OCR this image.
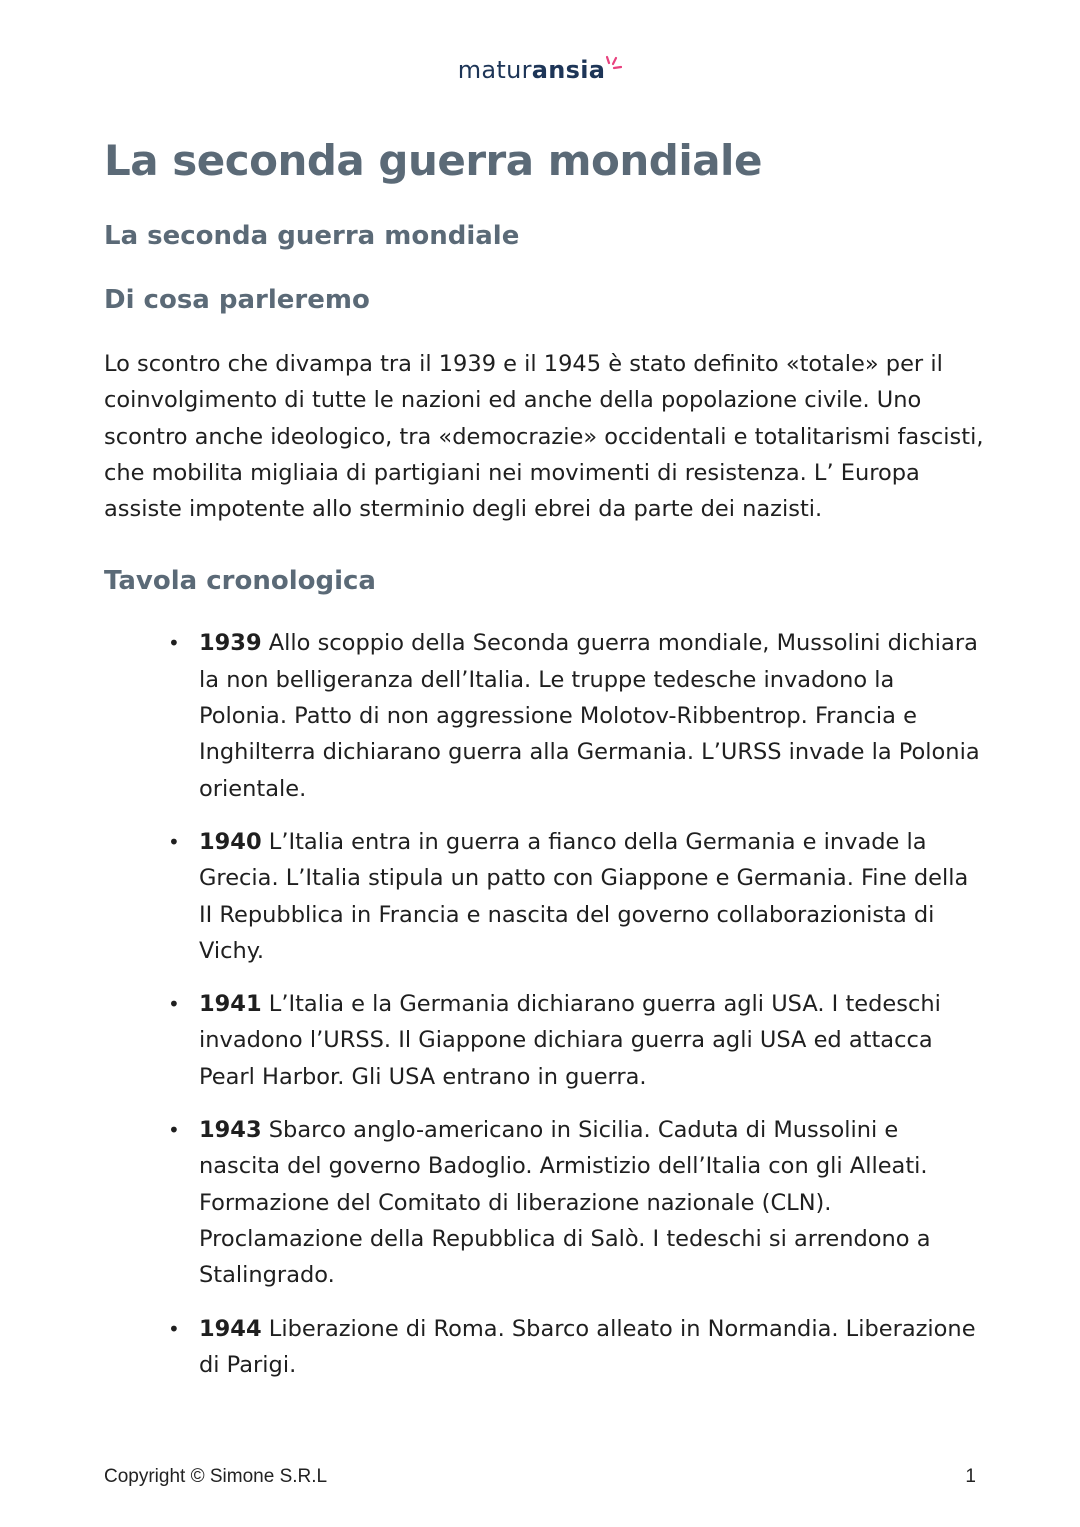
maturansia
La seconda guerra mondiale
La seconda guerra mondiale
Di cosa parleremo

Lo scontro che divampa tra il 1939 e il 1945 è stato definito «totale» per il coinvolgimento di tutte le nazioni ed anche della popolazione civile. Uno scontro anche ideologico, tra «democrazie» occidentali e totalitarismi fascisti, che mobilita migliaia di partigiani nei movimenti di resistenza. L’ Europa assiste impotente allo sterminio degli ebrei da parte dei nazisti.

Tavola cronologica
• 1939 Allo scoppio della Seconda guerra mondiale, Mussolini dichiara la non belligeranza dell’Italia. Le truppe tedesche invadono la Polonia. Patto di non aggressione Molotov-Ribbentrop. Francia e Inghilterra dichiarano guerra alla Germania. L’URSS invade la Polonia orientale.
• 1940 L’Italia entra in guerra a fianco della Germania e invade la Grecia. L’Italia stipula un patto con Giappone e Germania. Fine della II Repubblica in Francia e nascita del governo collaborazionista di Vichy.
• 1941 L’Italia e la Germania dichiarano guerra agli USA. I tedeschi invadono l’URSS. Il Giappone dichiara guerra agli USA ed attacca Pearl Harbor. Gli USA entrano in guerra.
• 1943 Sbarco anglo-americano in Sicilia. Caduta di Mussolini e nascita del governo Badoglio. Armistizio dell’Italia con gli Alleati. Formazione del Comitato di liberazione nazionale (CLN). Proclamazione della Repubblica di Salò. I tedeschi si arrendono a Stalingrado.
• 1944 Liberazione di Roma. Sbarco alleato in Normandia. Liberazione di Parigi.
Copyright © Simone S.R.L	1
